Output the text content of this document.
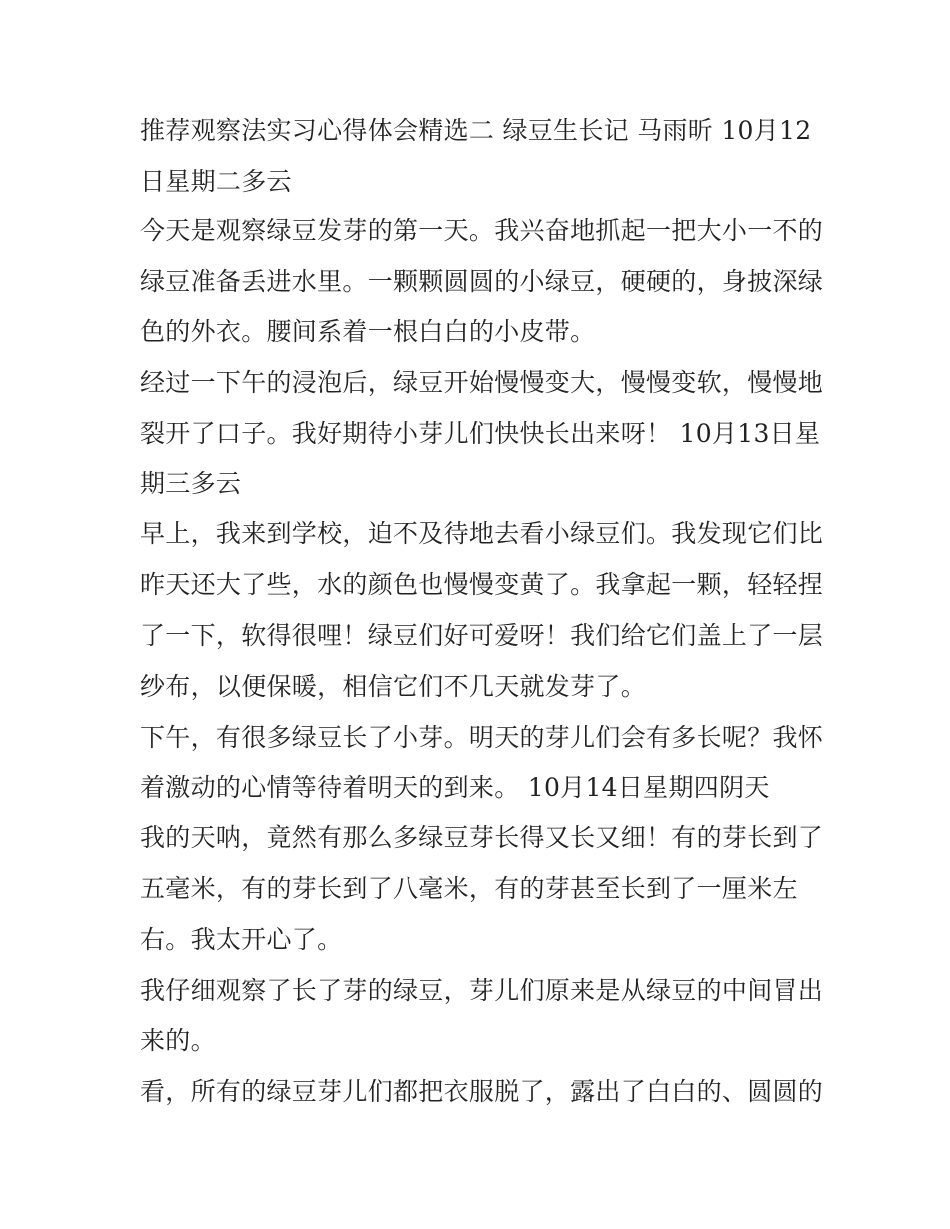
推荐观察法实习心得体会精选二 绿豆生长记 马雨昕 10月12
日星期二多云
今天是观察绿豆发芽的第一天。我兴奋地抓起一把大小一不的
绿豆准备丢进水里。一颗颗圆圆的小绿豆，硬硬的，身披深绿
色的外衣。腰间系着一根白白的小皮带。
经过一下午的浸泡后，绿豆开始慢慢变大，慢慢变软，慢慢地
裂开了口子。我好期待小芽儿们快快长出来呀！ 10月13日星
期三多云
早上，我来到学校，迫不及待地去看小绿豆们。我发现它们比
昨天还大了些，水的颜色也慢慢变黄了。我拿起一颗，轻轻捏
了一下，软得很哩！绿豆们好可爱呀！我们给它们盖上了一层
纱布，以便保暖，相信它们不几天就发芽了。
下午，有很多绿豆长了小芽。明天的芽儿们会有多长呢？我怀
着激动的心情等待着明天的到来。 10月14日星期四阴天
我的天呐，竟然有那么多绿豆芽长得又长又细！有的芽长到了
五毫米，有的芽长到了八毫米，有的芽甚至长到了一厘米左
右。我太开心了。
我仔细观察了长了芽的绿豆，芽儿们原来是从绿豆的中间冒出
来的。
看，所有的绿豆芽儿们都把衣服脱了，露出了白白的、圆圆的
